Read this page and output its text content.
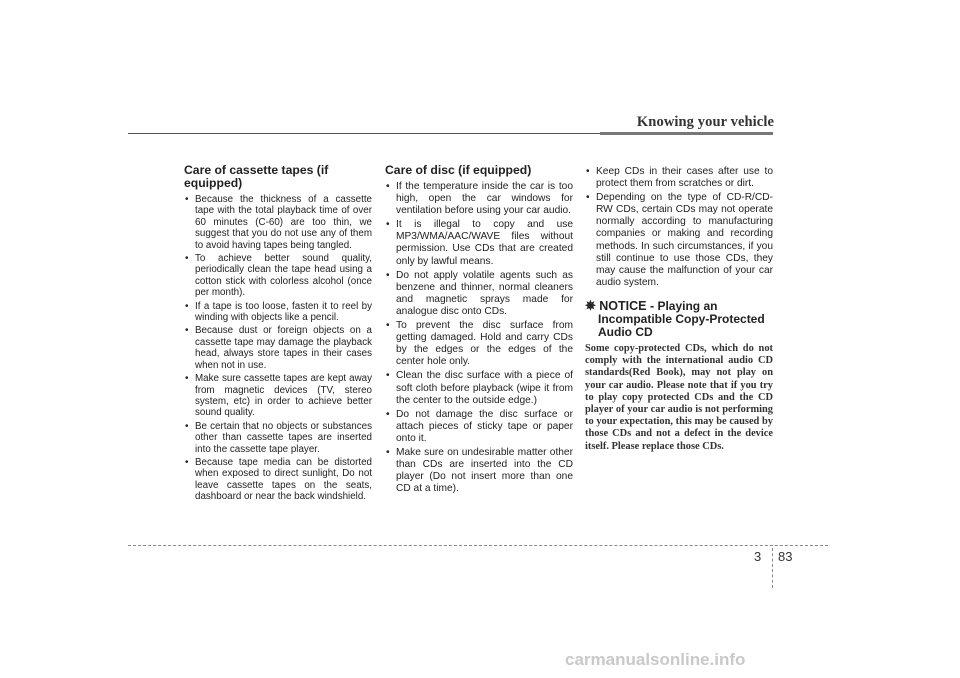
Knowing your vehicle
Care of cassette tapes (if equipped)
• Because the thickness of a cassette tape with the total playback time of over 60 minutes (C-60) are too thin, we suggest that you do not use any of them to avoid having tapes being tangled.
• To achieve better sound quality, periodically clean the tape head using a cotton stick with colorless alcohol (once per month).
• If a tape is too loose, fasten it to reel by winding with objects like a pencil.
• Because dust or foreign objects on a cassette tape may damage the playback head, always store tapes in their cases when not in use.
• Make sure cassette tapes are kept away from magnetic devices (TV, stereo system, etc) in order to achieve better sound quality.
• Be certain that no objects or substances other than cassette tapes are inserted into the cassette tape player.
• Because tape media can be distorted when exposed to direct sunlight, Do not leave cassette tapes on the seats, dashboard or near the back windshield.
Care of disc (if equipped)
• If the temperature inside the car is too high, open the car windows for ventilation before using your car audio.
• It is illegal to copy and use MP3/WMA/AAC/WAVE files without permission. Use CDs that are created only by lawful means.
• Do not apply volatile agents such as benzene and thinner, normal cleaners and magnetic sprays made for analogue disc onto CDs.
• To prevent the disc surface from getting damaged. Hold and carry CDs by the edges or the edges of the center hole only.
• Clean the disc surface with a piece of soft cloth before playback (wipe it from the center to the outside edge.)
• Do not damage the disc surface or attach pieces of sticky tape or paper onto it.
• Make sure on undesirable matter other than CDs are inserted into the CD player (Do not insert more than one CD at a time).
• Keep CDs in their cases after use to protect them from scratches or dirt.
• Depending on the type of CD-R/CD-RW CDs, certain CDs may not operate normally according to manufacturing companies or making and recording methods. In such circumstances, if you still continue to use those CDs, they may cause the malfunction of your car audio system.
✵ NOTICE - Playing an Incompatible Copy-Protected Audio CD
Some copy-protected CDs, which do not comply with the international audio CD standards(Red Book), may not play on your car audio. Please note that if you try to play copy protected CDs and the CD player of your car audio is not performing to your expectation, this may be caused by those CDs and not a defect in the device itself. Please replace those CDs.
3 83
carmanualsonline.info
